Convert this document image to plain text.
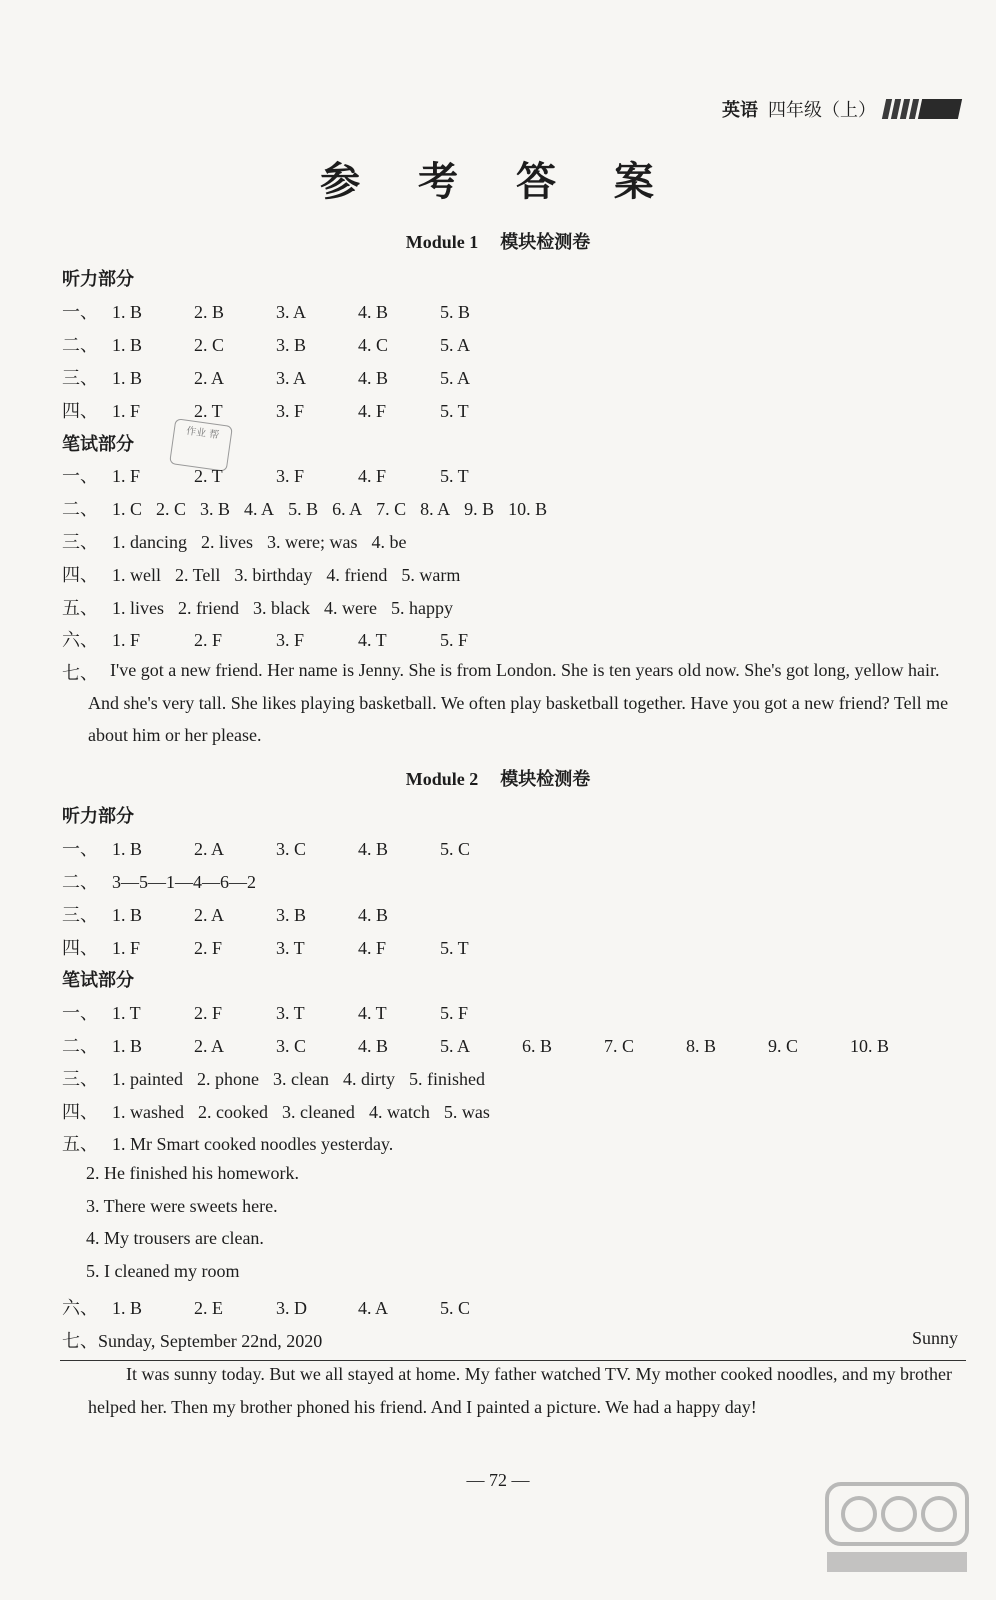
英语 四年级（上）
参 考 答 案
Module 1 模块检测卷
听力部分
一、 1. B	2. B	3. A	4. B	5. B
二、 1. B	2. C	3. B	4. C	5. A
三、 1. B	2. A	3. A	4. B	5. A
四、 1. F	2. T	3. F	4. F	5. T
笔试部分
作业 帮
一、 1. F	2. T	3. F	4. F	5. T
二、 1. C 2. C 3. B 4. A 5. B 6. A 7. C 8. A 9. B 10. B
三、 1. dancing 2. lives 3. were; was 4. be
四、 1. well 2. Tell 3. birthday 4. friend 5. warm
五、 1. lives 2. friend 3. black 4. were 5. happy
六、 1. F	2. F	3. F	4. T	5. F
七、 I've got a new friend. Her name is Jenny. She is from London. She is ten years old now. She's got long, yellow hair. And she's very tall. She likes playing basketball. We often play basketball together. Have you got a new friend? Tell me about him or her please.
Module 2 模块检测卷
听力部分
一、 1. B	2. A	3. C	4. B	5. C
二、 3—5—1—4—6—2
三、 1. B	2. A	3. B	4. B
四、 1. F	2. F	3. T	4. F	5. T
笔试部分
一、 1. T	2. F	3. T	4. T	5. F
二、 1. B	2. A	3. C	4. B	5. A	6. B	7. C	8. B	9. C	10. B
三、 1. painted 2. phone 3. clean 4. dirty 5. finished
四、 1. washed 2. cooked 3. cleaned 4. watch 5. was
五、 1. Mr Smart cooked noodles yesterday.
2. He finished his homework.
3. There were sweets here.
4. My trousers are clean.
5. I cleaned my room
六、 1. B	2. E	3. D	4. A	5. C
七、Sunday, September 22nd, 2020	Sunny
It was sunny today. But we all stayed at home. My father watched TV. My mother cooked noodles, and my brother helped her. Then my brother phoned his friend. And I painted a picture. We had a happy day!
— 72 —
